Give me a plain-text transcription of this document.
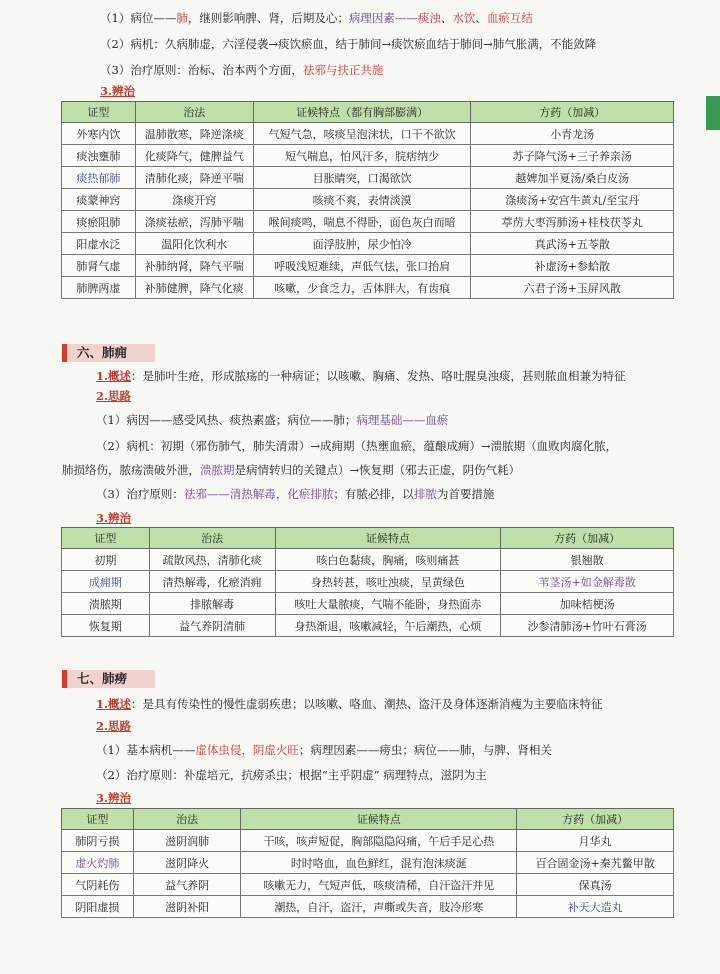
（1）病位——肺，继则影响脾、肾，后期及心；病理因素——痰浊、水饮、血瘀互结
（2）病机：久病肺虚，六淫侵袭→痰饮瘀血，结于肺间→痰饮瘀血结于肺间→肺气胀满，不能敛降
（3）治疗原则：治标、治本两个方面，祛邪与扶正共施
3.辨治
证型	治法	证候特点（都有胸部膨满）	方药（加减）
外寒内饮	温肺散寒，降逆涤痰	气短气急，咳痰呈泡沫状，口干不欲饮	小青龙汤
痰浊壅肺	化痰降气，健脾益气	短气喘息，怕风汗多，脘痞纳少	苏子降气汤+三子养亲汤
痰热郁肺	清肺化痰，降逆平喘	目胀睛突，口渴欲饮	越婢加半夏汤/桑白皮汤
痰蒙神窍	涤痰开窍	咳痰不爽，表情淡漠	涤痰汤+安宫牛黄丸/至宝丹
痰瘀阻肺	涤痰祛瘀，泻肺平喘	喉间痰鸣，喘息不得卧，面色灰白而暗	葶苈大枣泻肺汤+桂枝茯苓丸
阳虚水泛	温阳化饮利水	面浮肢肿，尿少怕冷	真武汤+五苓散
肺肾气虚	补肺纳肾，降气平喘	呼吸浅短难续，声低气怯，张口抬肩	补虚汤+参蛤散
肺脾两虚	补肺健脾，降气化痰	咳嗽，少食乏力，舌体胖大，有齿痕	六君子汤+玉屏风散
六、肺痈
1.概述：是肺叶生疮，形成脓疡的一种病证；以咳嗽、胸痛、发热、咯吐腥臭浊痰，甚则脓血相兼为特征
2.思路
（1）病因——感受风热、痰热素盛；病位——肺；病理基础——血瘀
（2）病机：初期（邪伤肺气，肺失清肃）→成痈期（热壅血瘀，蕴酿成痈）→溃脓期（血败肉腐化脓，
肺损络伤，脓疡溃破外泄，溃脓期是病情转归的关键点）→恢复期（邪去正虚，阴伤气耗）
（3）治疗原则：祛邪——清热解毒，化瘀排脓；有脓必排，以排脓为首要措施
3.辨治
证型	治法	证候特点	方药（加减）
初期	疏散风热，清肺化痰	咳白色黏痰，胸痛，咳则痛甚	银翘散
成痈期	清热解毒，化瘀消痈	身热转甚，咳吐浊痰，呈黄绿色	苇茎汤+如金解毒散
溃脓期	排脓解毒	咳吐大量脓痰，气喘不能卧，身热面赤	加味桔梗汤
恢复期	益气养阴清肺	身热渐退，咳嗽减轻，午后潮热，心烦	沙参清肺汤+竹叶石膏汤
七、肺痨
1.概述：是具有传染性的慢性虚弱疾患；以咳嗽、咯血、潮热、盗汗及身体逐渐消瘦为主要临床特征
2.思路
（1）基本病机——虚体虫侵，阴虚火旺；病理因素——痨虫；病位——肺，与脾、肾相关
（2）治疗原则：补虚培元，抗痨杀虫；根据“主乎阴虚” 病理特点，滋阴为主
3.辨治
证型	治法	证候特点	方药（加减）
肺阴亏损	滋阴润肺	干咳，咳声短促，胸部隐隐闷痛，午后手足心热	月华丸
虚火灼肺	滋阴降火	时时咯血，血色鲜红，混有泡沫痰涎	百合固金汤+秦艽鳖甲散
气阴耗伤	益气养阴	咳嗽无力，气短声低，咳痰清稀，自汗盗汗并见	保真汤
阴阳虚损	滋阴补阳	潮热，自汗，盗汗，声嘶或失音，肢冷形寒	补天大造丸
